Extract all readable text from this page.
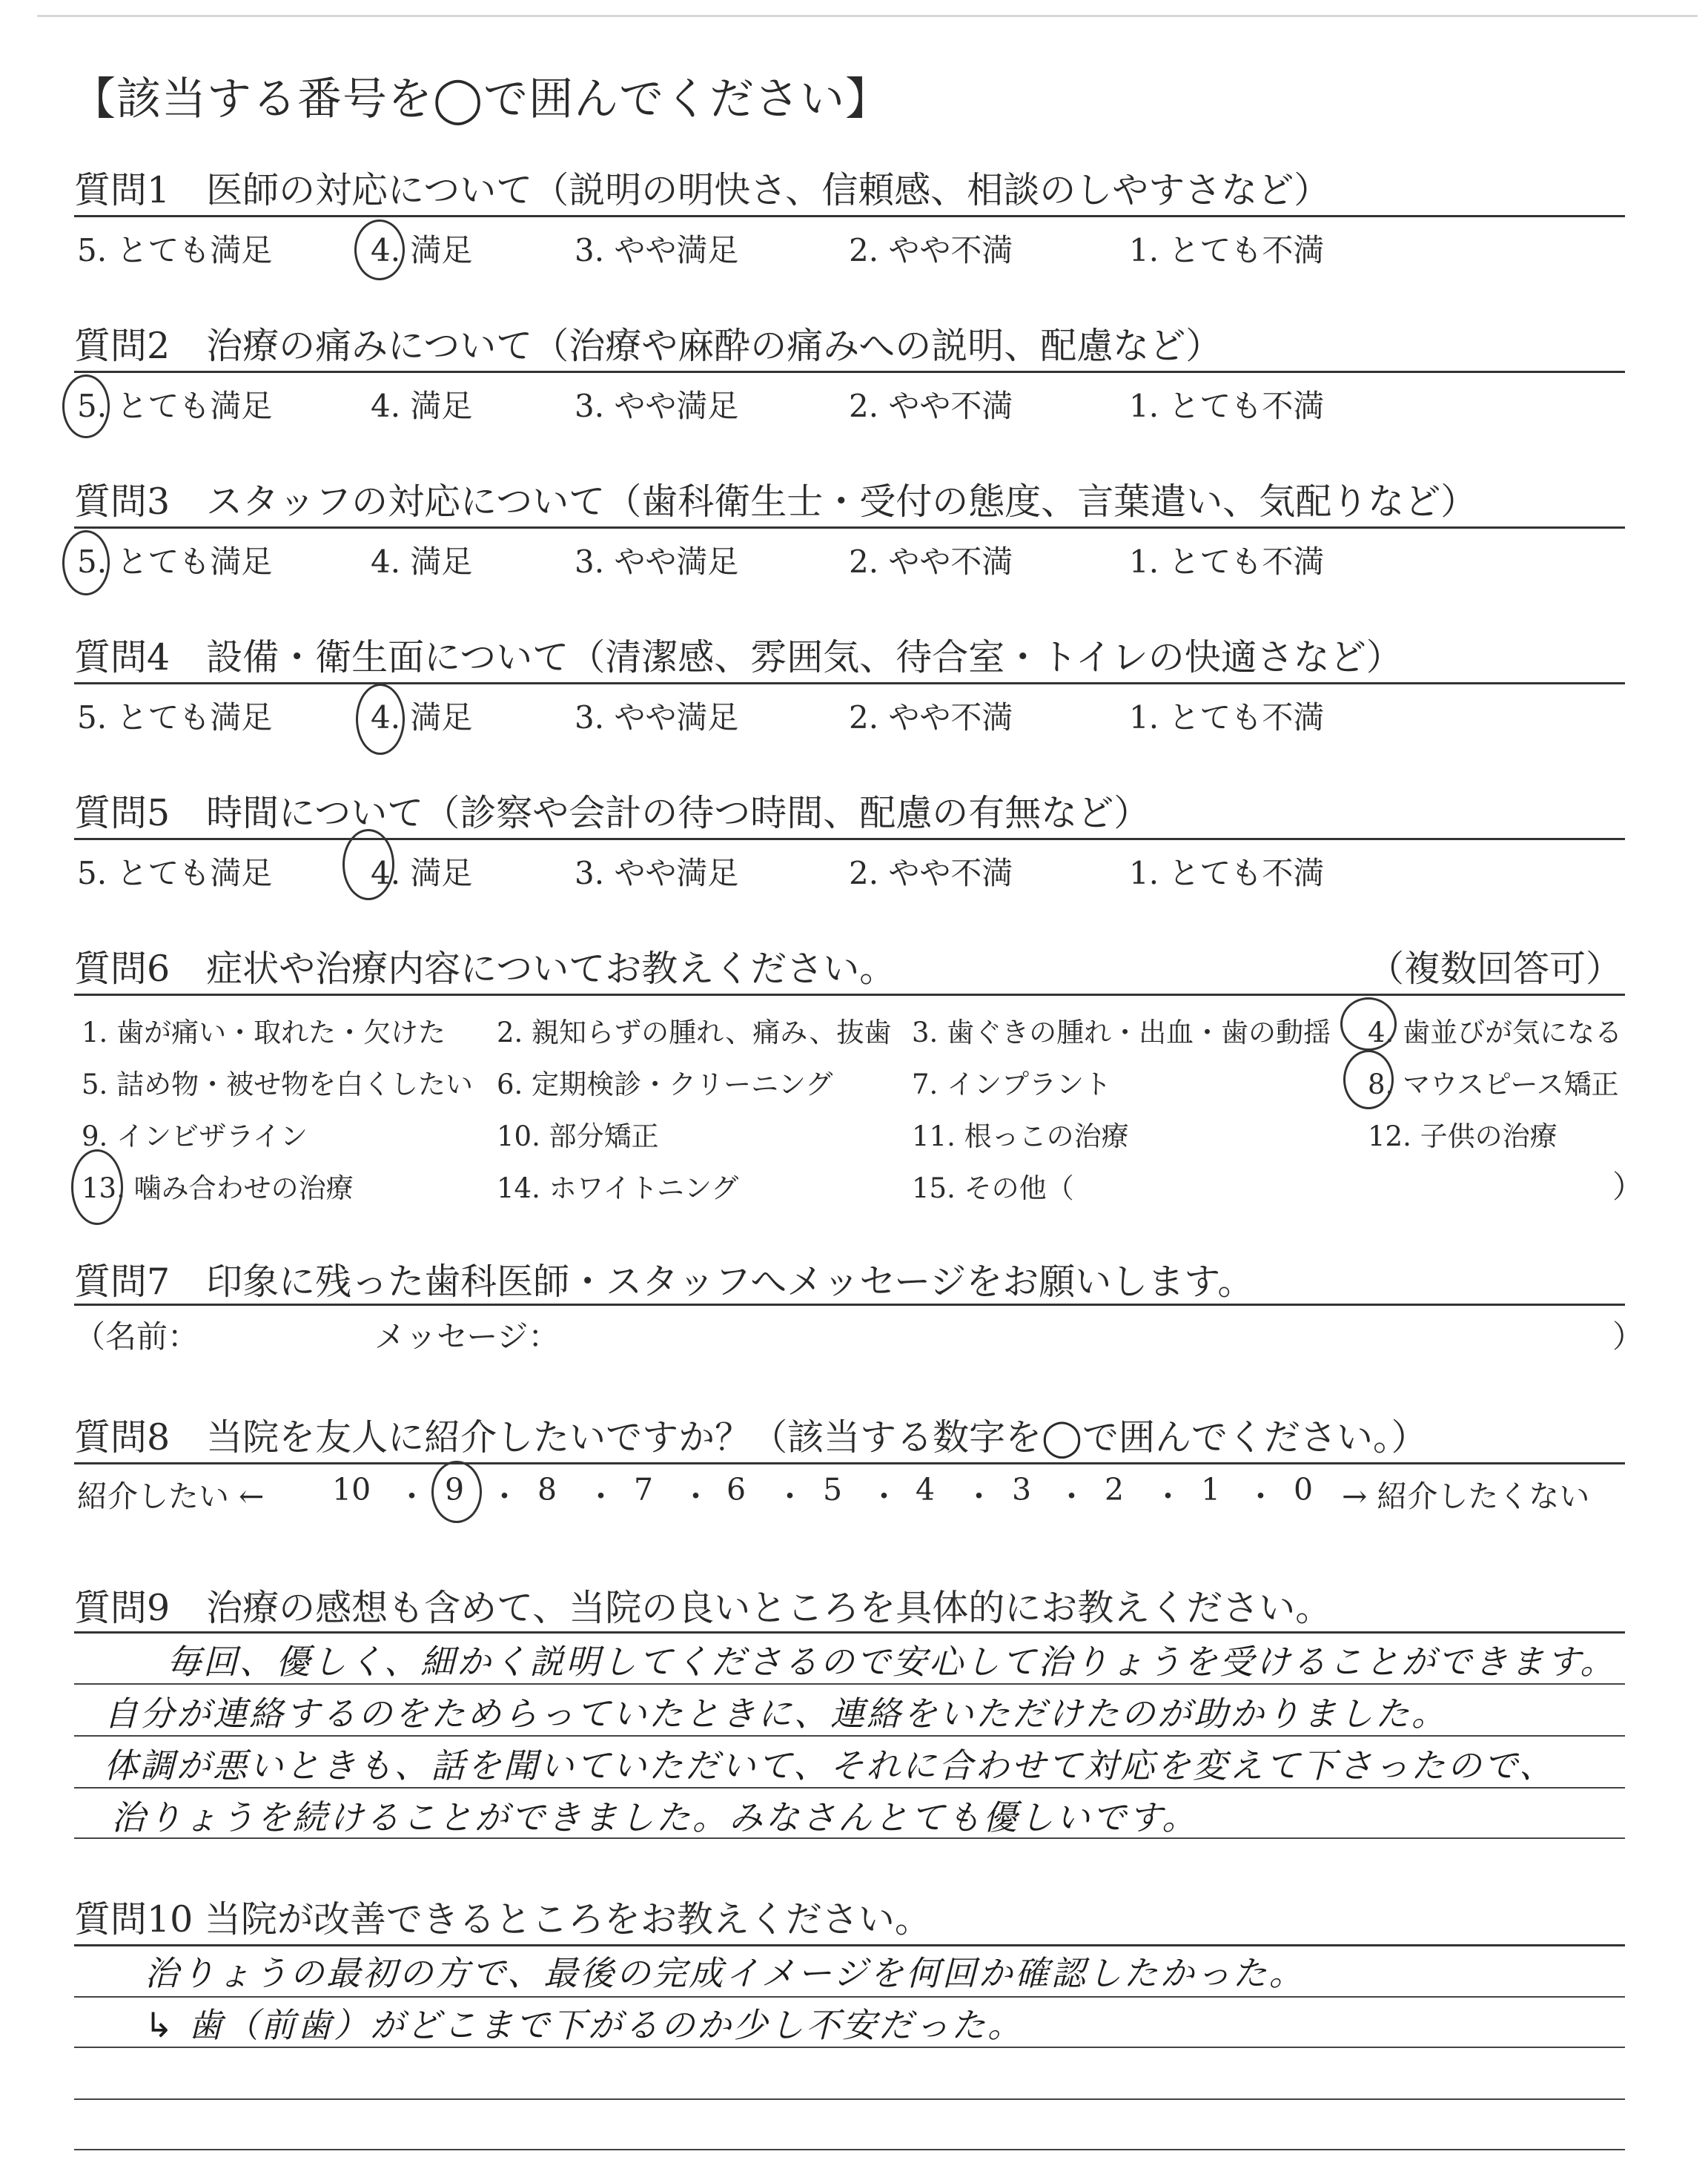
【該当する番号を◯で囲んでください】
質問1　医師の対応について（説明の明快さ、信頼感、相談のしやすさなど）
5. とても満足	4. 満足	3. やや満足	2. やや不満	1. とても不満
質問2　治療の痛みについて（治療や麻酔の痛みへの説明、配慮など）
5. とても満足	4. 満足	3. やや満足	2. やや不満	1. とても不満
質問3　スタッフの対応について（歯科衛生士・受付の態度、言葉遣い、気配りなど）
5. とても満足	4. 満足	3. やや満足	2. やや不満	1. とても不満
質問4　設備・衛生面について（清潔感、雰囲気、待合室・トイレの快適さなど）
5. とても満足	4. 満足	3. やや満足	2. やや不満	1. とても不満
質問5　時間について（診察や会計の待つ時間、配慮の有無など）
5. とても満足	4. 満足	3. やや満足	2. やや不満	1. とても不満
質問6　症状や治療内容についてお教えください。	（複数回答可）
1. 歯が痛い・取れた・欠けた 2. 親知らずの腫れ、痛み、抜歯 3. 歯ぐきの腫れ・出血・歯の動揺 4. 歯並びが気になる
5. 詰め物・被せ物を白くしたい 6. 定期検診・クリーニング	7. インプラント	8. マウスピース矯正
9. インビザライン	10. 部分矯正	11. 根っこの治療	12. 子供の治療
13. 噛み合わせの治療	14. ホワイトニング	15. その他（	）
質問7　印象に残った歯科医師・スタッフへメッセージをお願いします。
（名前：	メッセージ：	）
質問8　当院を友人に紹介したいですか？（該当する数字を◯で囲んでください。）
紹介したい ← 10 ・ 9 ・ 8 ・ 7 ・ 6 ・ 5 ・ 4 ・ 3 ・ 2 ・ 1 ・ 0 → 紹介したくない
質問9　治療の感想も含めて、当院の良いところを具体的にお教えください。
毎回、優しく、細かく説明してくださるので安心して治りょうを受けることができます。
自分が連絡するのをためらっていたときに、連絡をいただけたのが助かりました。
体調が悪いときも、話を聞いていただいて、それに合わせて対応を変えて下さったので、
治りょうを続けることができました。みなさんとても優しいです。
質問10 当院が改善できるところをお教えください。
治りょうの最初の方で、最後の完成イメージを何回か確認したかった。
↳ 歯（前歯）がどこまで下がるのか少し不安だった。
